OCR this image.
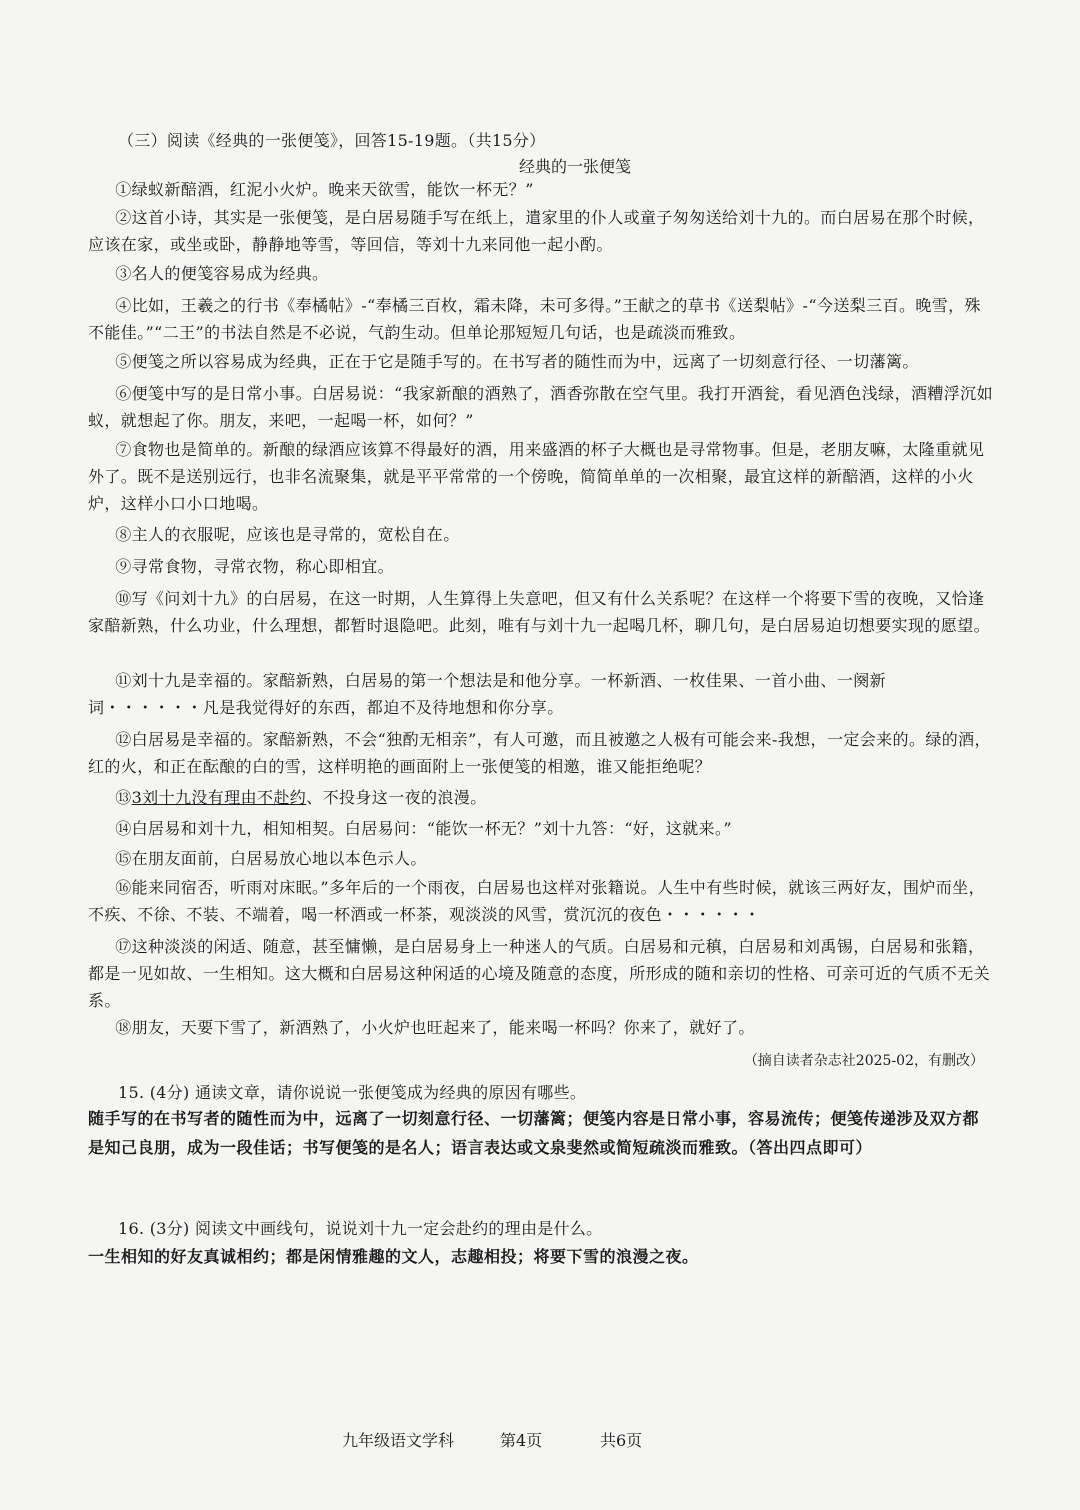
（三）阅读《经典的一张便笺》，回答15-19题。（共15分）
经典的一张便笺
①绿蚁新醅酒，红泥小火炉。晚来天欲雪，能饮一杯无？”
②这首小诗，其实是一张便笺，是白居易随手写在纸上，遣家里的仆人或童子匆匆送给刘十九的。而白居易在那个时候，应该在家，或坐或卧，静静地等雪，等回信，等刘十九来同他一起小酌。
③名人的便笺容易成为经典。
④比如，王羲之的行书《奉橘帖》-“奉橘三百枚，霜未降，未可多得。”王献之的草书《送梨帖》-“今送梨三百。晚雪，殊不能佳。”“二王”的书法自然是不必说，气韵生动。但单论那短短几句话，也是疏淡而雅致。
⑤便笺之所以容易成为经典，正在于它是随手写的。在书写者的随性而为中，远离了一切刻意行径、一切藩篱。
⑥便笺中写的是日常小事。白居易说：“我家新酿的酒熟了，酒香弥散在空气里。我打开酒瓮，看见酒色浅绿，酒糟浮沉如蚁，就想起了你。朋友，来吧，一起喝一杯，如何？”
⑦食物也是简单的。新酿的绿酒应该算不得最好的酒，用来盛酒的杯子大概也是寻常物事。但是，老朋友嘛，太隆重就见外了。既不是送别远行，也非名流聚集，就是平平常常的一个傍晚，简简单单的一次相聚，最宜这样的新醅酒，这样的小火炉，这样小口小口地喝。
⑧主人的衣服呢，应该也是寻常的，宽松自在。
⑨寻常食物，寻常衣物，称心即相宜。
⑩写《问刘十九》的白居易，在这一时期，人生算得上失意吧，但又有什么关系呢？在这样一个将要下雪的夜晚，又恰逢家醅新熟，什么功业，什么理想，都暂时退隐吧。此刻，唯有与刘十九一起喝几杯，聊几句，是白居易迫切想要实现的愿望。
⑪刘十九是幸福的。家醅新熟，白居易的第一个想法是和他分享。一杯新酒、一枚佳果、一首小曲、一阕新词・・・・・・凡是我觉得好的东西，都迫不及待地想和你分享。
⑫白居易是幸福的。家醅新熟，不会“独酌无相亲”，有人可邀，而且被邀之人极有可能会来-我想，一定会来的。绿的酒，红的火，和正在酝酿的白的雪，这样明艳的画面附上一张便笺的相邀，谁又能拒绝呢？
⑬3刘十九没有理由不赴约、不投身这一夜的浪漫。
⑭白居易和刘十九，相知相契。白居易问：“能饮一杯无？”刘十九答：“好，这就来。”
⑮在朋友面前，白居易放心地以本色示人。
⑯能来同宿否，听雨对床眠。”多年后的一个雨夜，白居易也这样对张籍说。人生中有些时候，就该三两好友，围炉而坐，不疾、不徐、不装、不端着，喝一杯酒或一杯茶，观淡淡的风雪，赏沉沉的夜色・・・・・・
⑰这种淡淡的闲适、随意，甚至慵懒，是白居易身上一种迷人的气质。白居易和元稹，白居易和刘禹锡，白居易和张籍，都是一见如故、一生相知。这大概和白居易这种闲适的心境及随意的态度，所形成的随和亲切的性格、可亲可近的气质不无关系。
⑱朋友，天要下雪了，新酒熟了，小火炉也旺起来了，能来喝一杯吗？你来了，就好了。
（摘自读者杂志社2025-02，有删改）
15. (4分) 通读文章，请你说说一张便笺成为经典的原因有哪些。
随手写的在书写者的随性而为中，远离了一切刻意行径、一切藩篱；便笺内容是日常小事，容易流传；便笺传递涉及双方都是知己良朋，成为一段佳话；书写便笺的是名人；语言表达或文泉斐然或简短疏淡而雅致。（答出四点即可）
16. (3分) 阅读文中画线句，说说刘十九一定会赴约的理由是什么。
一生相知的好友真诚相约；都是闲情雅趣的文人，志趣相投；将要下雪的浪漫之夜。
九年级语文学科	第4页	共6页
